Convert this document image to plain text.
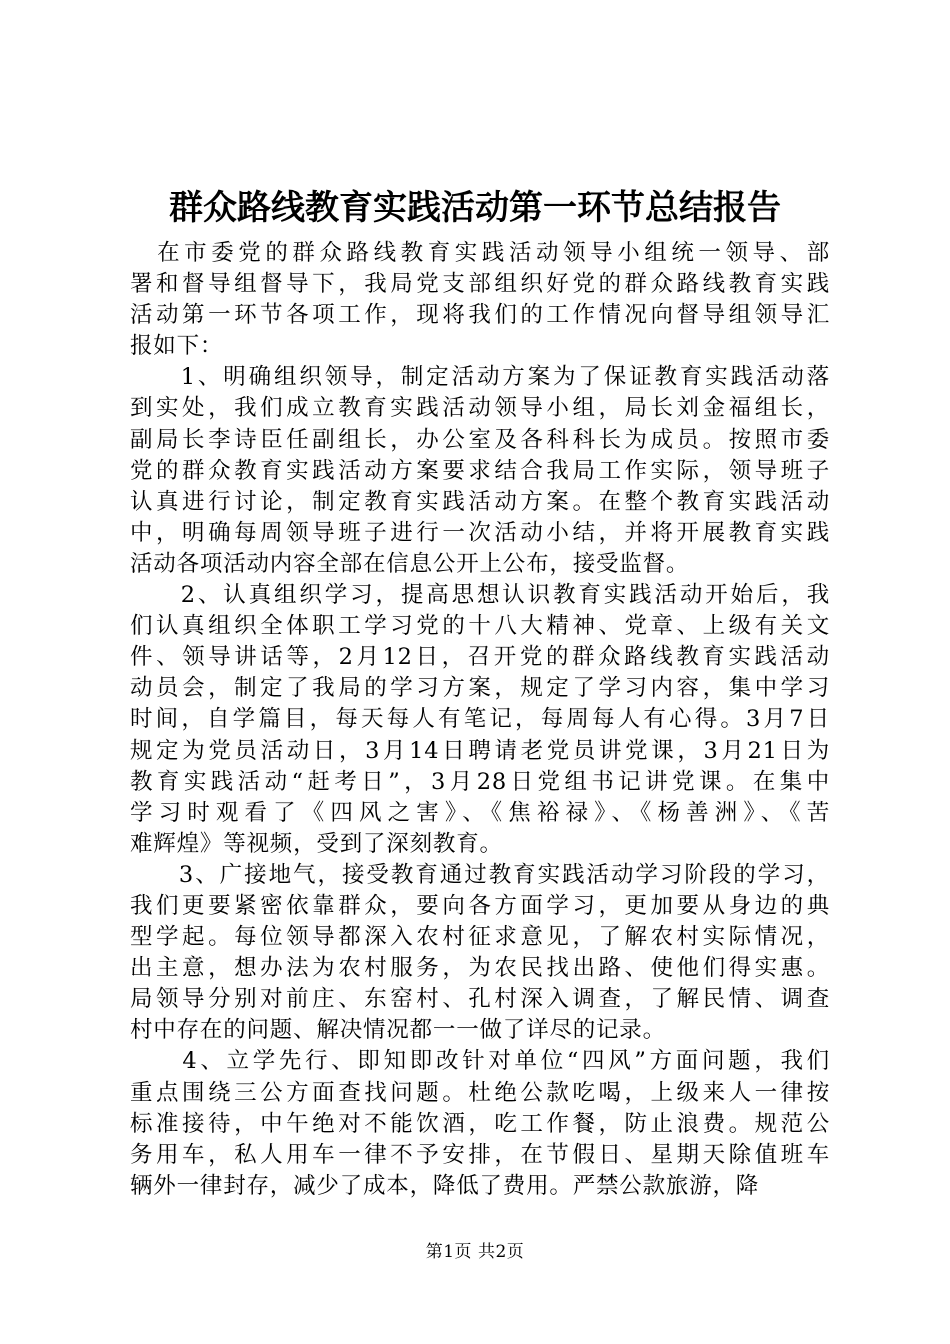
群众路线教育实践活动第一环节总结报告

　在市委党的群众路线教育实践活动领导小组统一领导、部
署和督导组督导下，我局党支部组织好党的群众路线教育实践
活动第一环节各项工作，现将我们的工作情况向督导组领导汇
报如下：

　　1、明确组织领导，制定活动方案为了保证教育实践活动落
到实处，我们成立教育实践活动领导小组，局长刘金福组长，
副局长李诗臣任副组长，办公室及各科科长为成员。按照市委
党的群众教育实践活动方案要求结合我局工作实际，领导班子
认真进行讨论，制定教育实践活动方案。在整个教育实践活动
中，明确每周领导班子进行一次活动小结，并将开展教育实践
活动各项活动内容全部在信息公开上公布，接受监督。

　　2、认真组织学习，提高思想认识教育实践活动开始后，我
们认真组织全体职工学习党的十八大精神、党章、上级有关文
件、领导讲话等，2月12日，召开党的群众路线教育实践活动
动员会，制定了我局的学习方案，规定了学习内容，集中学习
时间，自学篇目，每天每人有笔记，每周每人有心得。3月7日
规定为党员活动日，3月14日聘请老党员讲党课，3月21日为
教育实践活动“赶考日”，3月28日党组书记讲党课。在集中
学习时观看了《四风之害》、《焦裕禄》、《杨善洲》、《苦
难辉煌》等视频，受到了深刻教育。

　　3、广接地气，接受教育通过教育实践活动学习阶段的学习，
我们更要紧密依靠群众，要向各方面学习，更加要从身边的典
型学起。每位领导都深入农村征求意见，了解农村实际情况，
出主意，想办法为农村服务，为农民找出路、使他们得实惠。
局领导分别对前庄、东窑村、孔村深入调查，了解民情、调查
村中存在的问题、解决情况都一一做了详尽的记录。

　　4、立学先行、即知即改针对单位“四风”方面问题，我们
重点围绕三公方面查找问题。杜绝公款吃喝，上级来人一律按
标准接待，中午绝对不能饮酒，吃工作餐，防止浪费。规范公
务用车，私人用车一律不予安排，在节假日、星期天除值班车
辆外一律封存，减少了成本，降低了费用。严禁公款旅游，降

第1页 共2页
